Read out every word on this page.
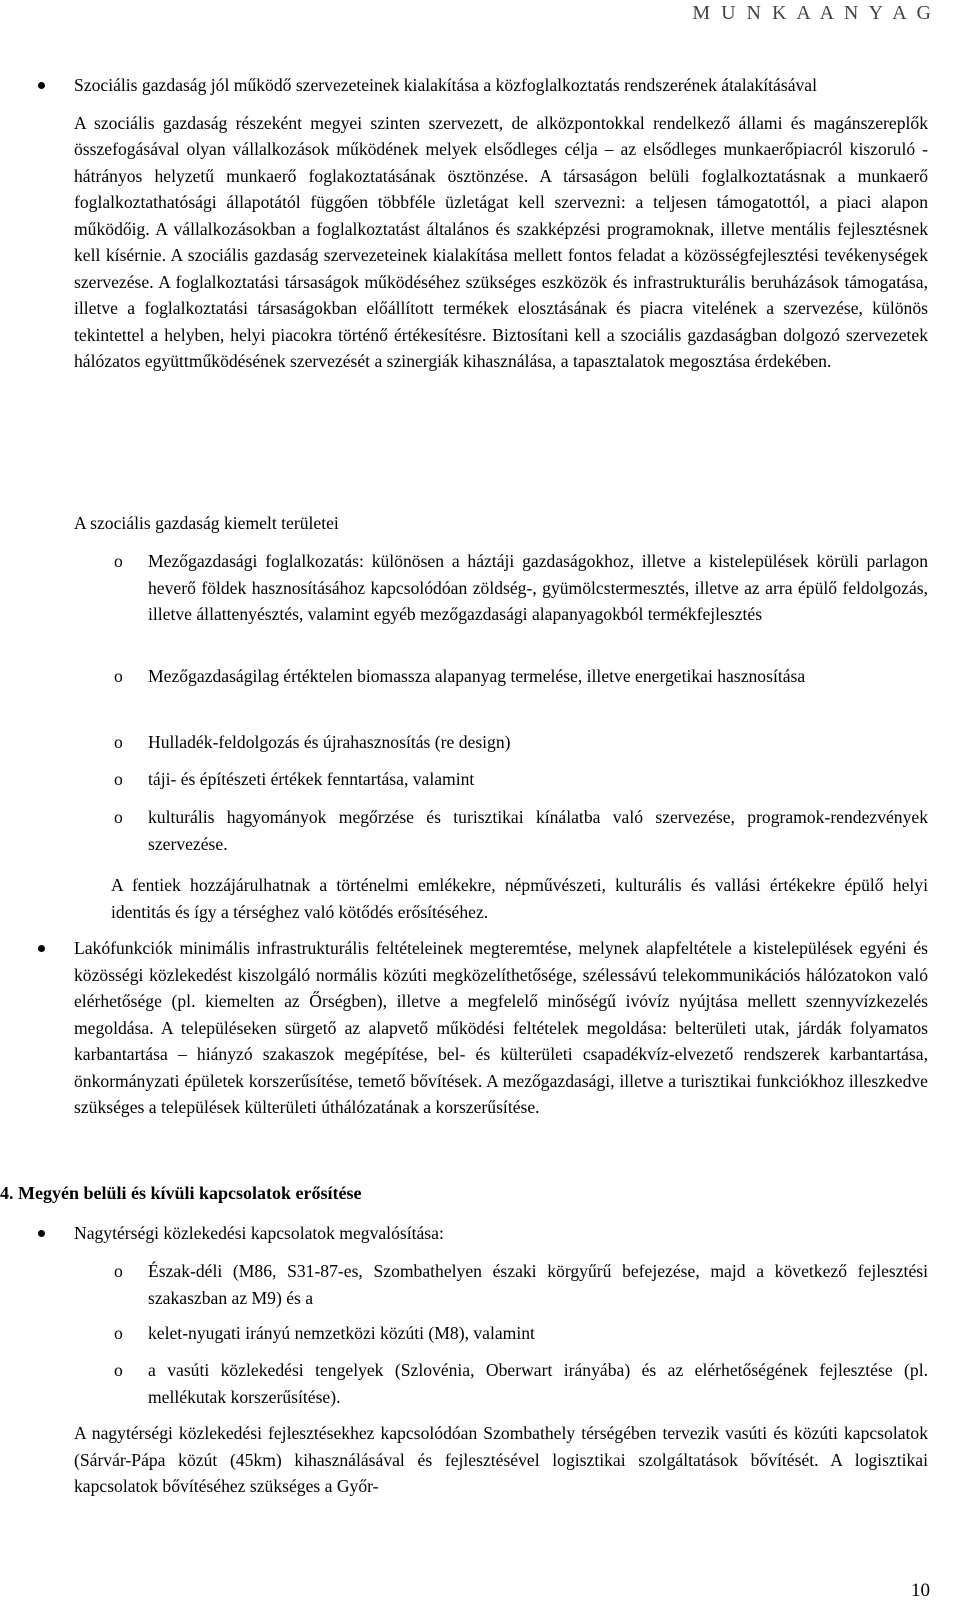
M U N K A A N Y A G

Szociális gazdaság jól működő szervezeteinek kialakítása a közfoglalkoztatás rendszerének átalakításával

A szociális gazdaság részeként megyei szinten szervezett, de alközpontokkal rendelkező állami és magánszereplők összefogásával olyan vállalkozások működének melyek elsődleges célja – az elsődleges munkaerőpiacról kiszoruló - hátrányos helyzetű munkaerő foglakoztatásának ösztönzése. A társaságon belüli foglalkoztatásnak a munkaerő foglalkoztathatósági állapotától függően többféle üzletágat kell szervezni: a teljesen támogatottól, a piaci alapon működőig. A vállalkozásokban a foglalkoztatást általános és szakképzési programoknak, illetve mentális fejlesztésnek kell kísérnie. A szociális gazdaság szervezeteinek kialakítása mellett fontos feladat a közösségfejlesztési tevékenységek szervezése. A foglalkoztatási társaságok működéséhez szükséges eszközök és infrastrukturális beruházások támogatása, illetve a foglalkoztatási társaságokban előállított termékek elosztásának és piacra vitelének a szervezése, különös tekintettel a helyben, helyi piacokra történő értékesítésre. Biztosítani kell a szociális gazdaságban dolgozó szervezetek hálózatos együttműködésének szervezését a szinergiák kihasználása, a tapasztalatok megosztása érdekében.

A szociális gazdaság kiemelt területei
o Mezőgazdasági foglalkozatás: különösen a háztáji gazdaságokhoz, illetve a kistelepülések körüli parlagon heverő földek hasznosításához kapcsolódóan zöldség-, gyümölcstermesztés, illetve az arra épülő feldolgozás, illetve állattenyésztés, valamint egyéb mezőgazdasági alapanyagokból termékfejlesztés

o Mezőgazdaságilag értéktelen biomassza alapanyag termelése, illetve energetikai hasznosítása

o Hulladék-feldolgozás és újrahasznosítás (re design)

o táji- és építészeti értékek fenntartása, valamint

o kulturális hagyományok megőrzése és turisztikai kínálatba való szervezése, programok-rendezvények szervezése.

A fentiek hozzájárulhatnak a történelmi emlékekre, népművészeti, kulturális és vallási értékekre épülő helyi identitás és így a térséghez való kötődés erősítéséhez.

Lakófunkciók minimális infrastrukturális feltételeinek megteremtése, melynek alapfeltétele a kistelepülések egyéni és közösségi közlekedést kiszolgáló normális közúti megközelíthetősége, szélessávú telekommunikációs hálózatokon való elérhetősége (pl. kiemelten az Őrségben), illetve a megfelelő minőségű ivóvíz nyújtása mellett szennyvízkezelés megoldása. A településeken sürgető az alapvető működési feltételek megoldása: belterületi utak, járdák folyamatos karbantartása – hiányzó szakaszok megépítése, bel- és külterületi csapadékvíz-elvezető rendszerek karbantartása, önkormányzati épületek korszerűsítése, temető bővítések. A mezőgazdasági, illetve a turisztikai funkciókhoz illeszkedve szükséges a települések külterületi úthálózatának a korszerűsítése.

4. Megyén belüli és kívüli kapcsolatok erősítése

Nagytérségi közlekedési kapcsolatok megvalósítása:

o Észak-déli (M86, S31-87-es, Szombathelyen északi körgyűrű befejezése, majd a következő fejlesztési szakaszban az M9) és a

o kelet-nyugati irányú nemzetközi közúti (M8), valamint

o a vasúti közlekedési tengelyek (Szlovénia, Oberwart irányába) és az elérhetőségének fejlesztése (pl. mellékutak korszerűsítése).

A nagytérségi közlekedési fejlesztésekhez kapcsolódóan Szombathely térségében tervezik vasúti és közúti kapcsolatok (Sárvár-Pápa közút (45km) kihasználásával és fejlesztésével logisztikai szolgáltatások bővítését. A logisztikai kapcsolatok bővítéséhez szükséges a Győr-
10
